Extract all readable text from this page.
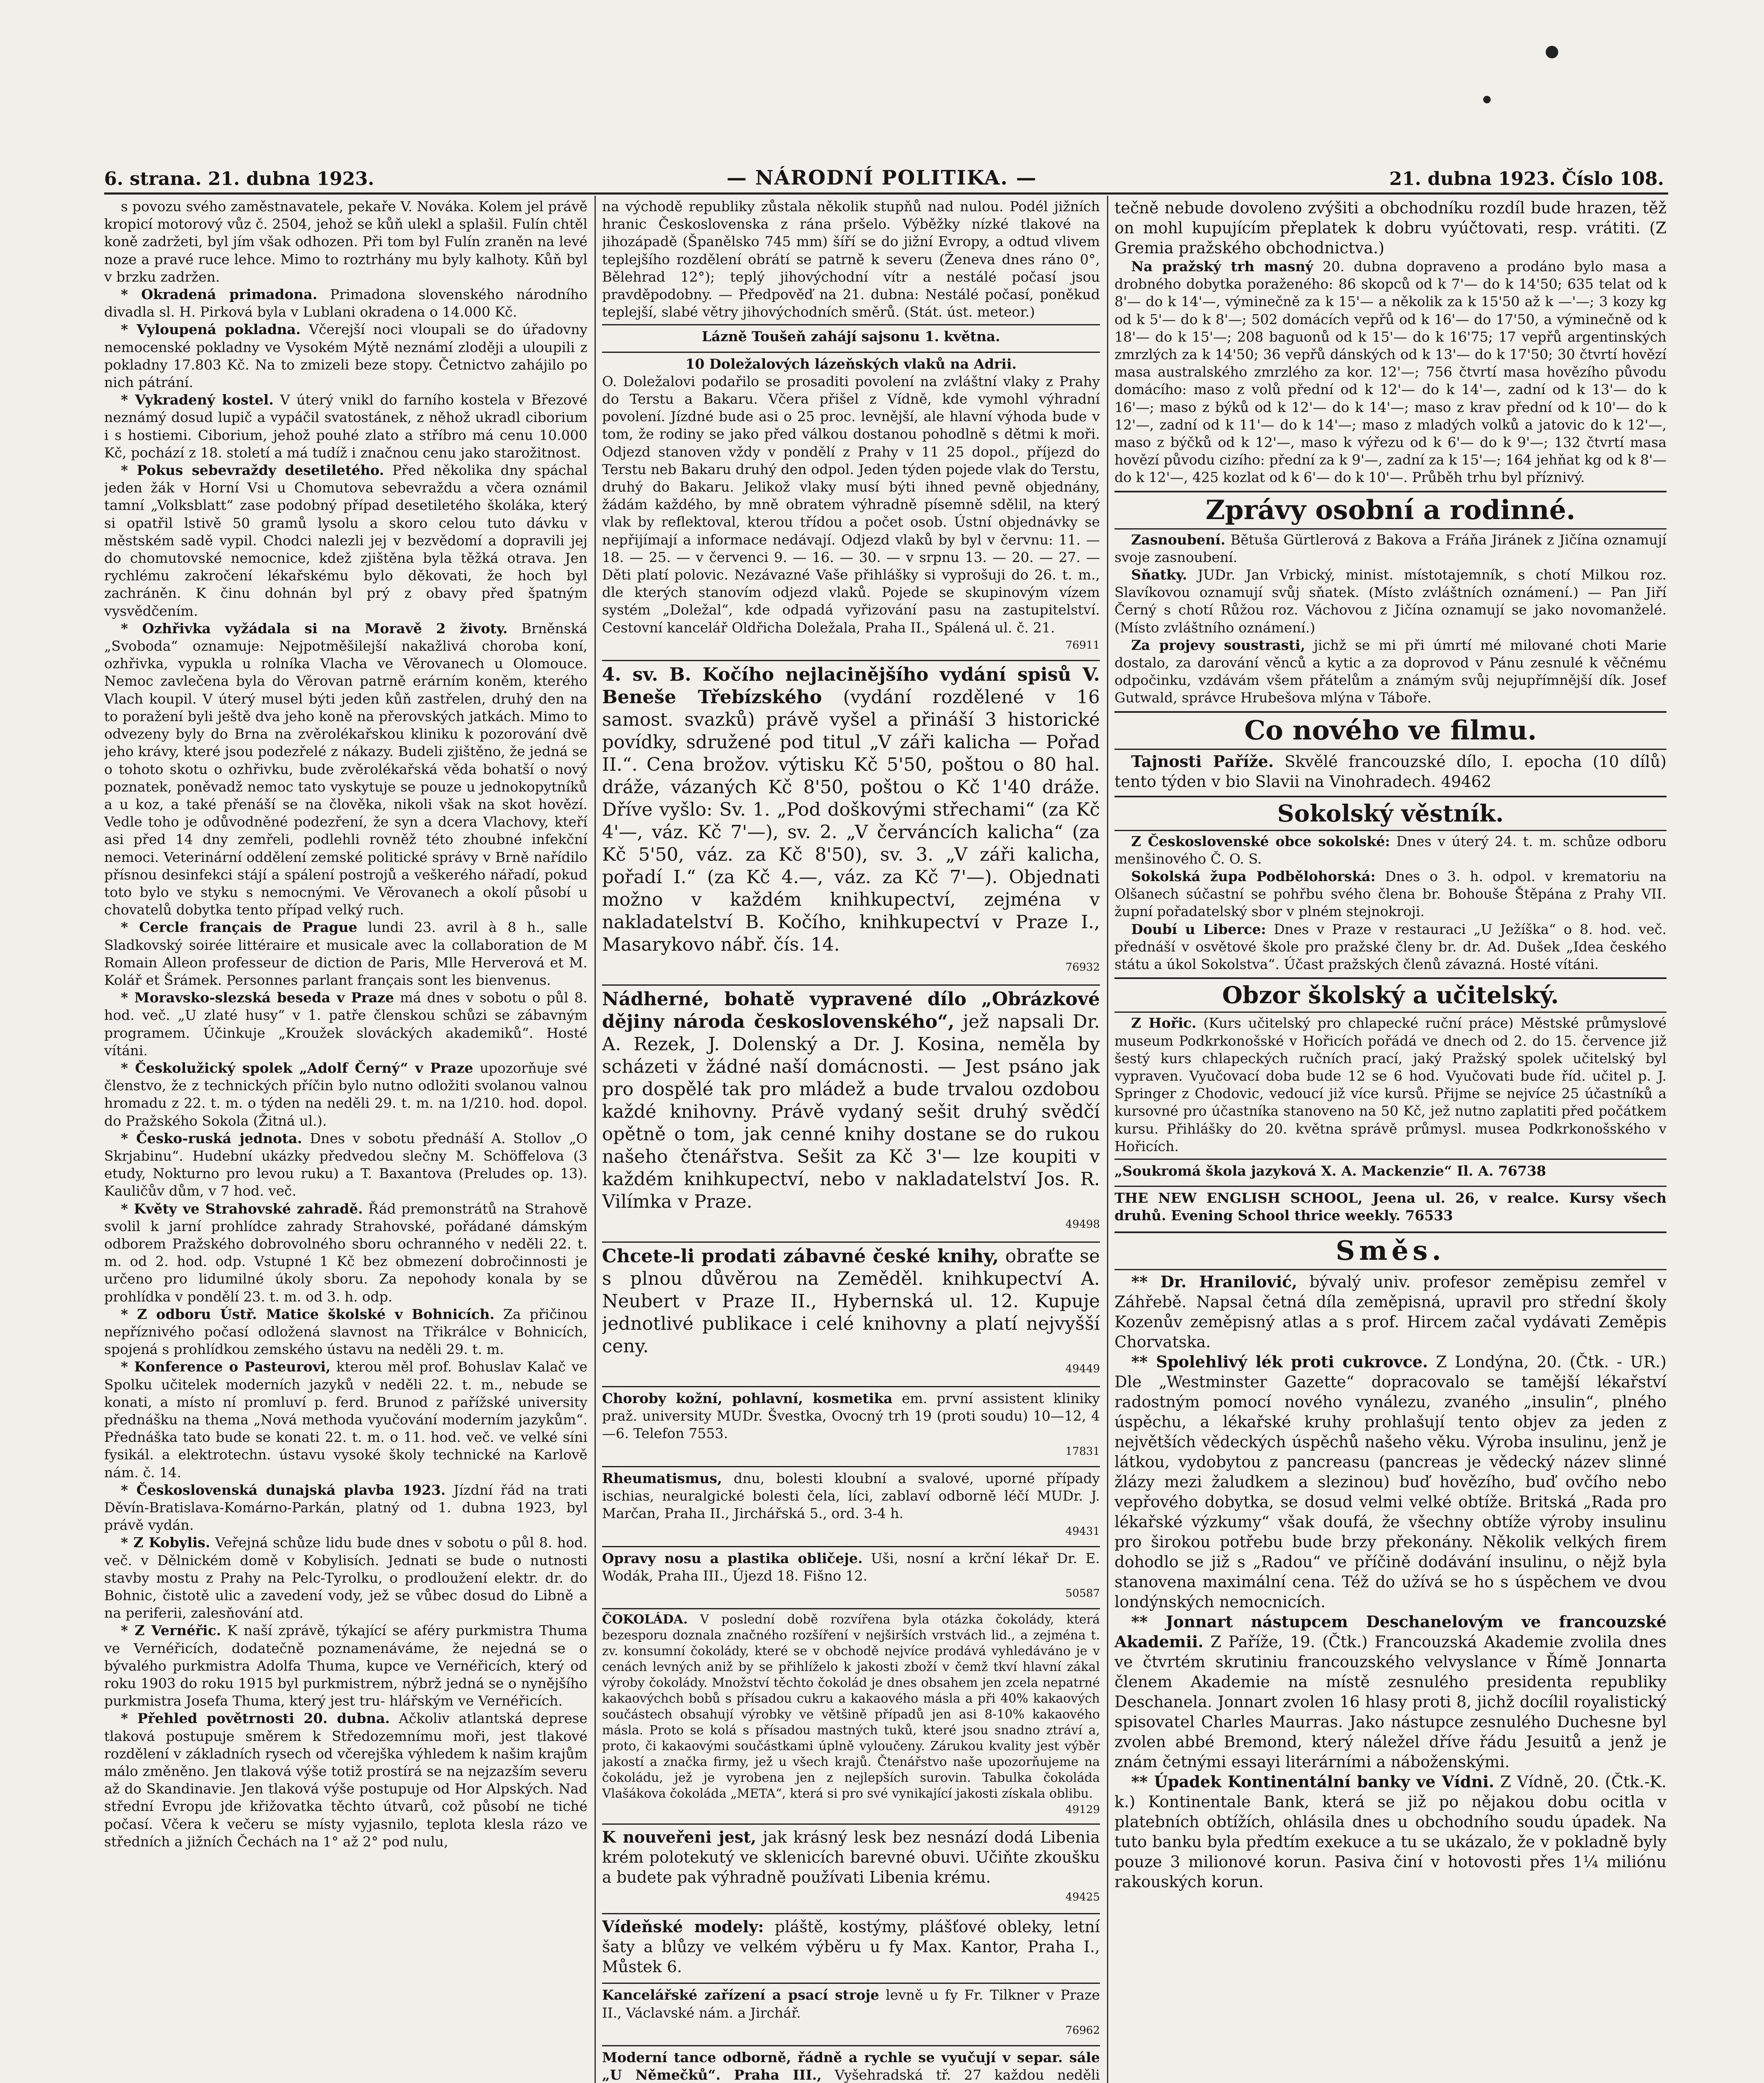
6. strana. 21. dubna 1923.	— NÁRODNÍ POLITIKA. —	21. dubna 1923. Číslo 108.

s povozu svého zaměstnavatele, pekaře V. Nováka. Kolem jel právě kropicí motorový vůz č. 2504, jehož se kůň ulekl a splašil. Fulín chtěl koně zadržeti, byl jím však odhozen. Při tom byl Fulín zraněn na levé noze a pravé ruce lehce. Mimo to roztrhány mu byly kalhoty. Kůň byl v brzku zadržen.

* Okradená primadona. Primadona slovenského národního divadla sl. H. Pirková byla v Lublani okradena o 14.000 Kč.

* Vyloupená pokladna. Včerejší noci vloupali se do úřadovny nemocenské pokladny ve Vysokém Mýtě neznámí zloději a uloupili z pokladny 17.803 Kč. Na to zmizeli beze stopy. Četnictvo zahájilo po nich pátrání.

* Vykradený kostel. V úterý vnikl do farního kostela v Březové neznámý dosud lupič a vypáčil svatostánek, z něhož ukradl ciborium i s hostiemi. Ciborium, jehož pouhé zlato a stříbro má cenu 10.000 Kč, pochází z 18. století a má tudíž i značnou cenu jako starožitnost.

* Pokus sebevraždy desetiletého. Před několika dny spáchal jeden žák v Horní Vsi u Chomutova sebevraždu a včera oznámil tamní „Volksblatt“ zase podobný případ desetiletého školáka, který si opatřil lstivě 50 gramů lysolu a skoro celou tuto dávku v městském sadě vypil. Chodci nalezli jej v bezvědomí a dopravili jej do chomutovské nemocnice, kdež zjištěna byla těžká otrava. Jen rychlému zakročení lékařskému bylo děkovati, že hoch byl zachráněn. K činu dohnán byl prý z obavy před špatným vysvědčením.

* Ozhřivka vyžádala si na Moravě 2 životy. Brněnská „Svoboda“ oznamuje: Nejpotměšilejší nakažlivá choroba koní, ozhřivka, vypukla u rolníka Vlacha ve Věrovanech u Olomouce. Nemoc zavlečena byla do Věrovan patrně erárním koněm, kterého Vlach koupil. V úterý musel býti jeden kůň zastřelen, druhý den na to poražení byli ještě dva jeho koně na přerovských jatkách. Mimo to odvezeny byly do Brna na zvěrolékařskou kliniku k pozorování dvě jeho krávy, které jsou podezřelé z nákazy. Budeli zjištěno, že jedná se o tohoto skotu o ozhřivku, bude zvěrolékařská věda bohatší o nový poznatek, poněvadž nemoc tato vyskytuje se pouze u jednokopytníků a u koz, a také přenáší se na člověka, nikoli však na skot hovězí. Vedle toho je odůvodněné podezření, že syn a dcera Vlachovy, kteří asi před 14 dny zemřeli, podlehli rovněž této zhoubné infekční nemoci. Veterinární oddělení zemské politické správy v Brně nařídilo přísnou desinfekci stájí a spálení postrojů a veškerého nářadí, pokud toto bylo ve styku s nemocnými. Ve Věrovanech a okolí působí u chovatelů dobytka tento případ velký ruch.

* Cercle français de Prague lundi 23. avril à 8 h., salle Sladkovský soirée littéraire et musicale avec la collaboration de M Romain Alleon professeur de diction de Paris, Mlle Herverová et M. Kolář et Šrámek. Personnes parlant français sont les bienvenus.

* Moravsko-slezská beseda v Praze má dnes v sobotu o půl 8. hod. več. „U zlaté husy“ v 1. patře členskou schůzi se zábavným programem. Účinkuje „Kroužek slováckých akademiků“. Hosté vítáni.

* Českolužický spolek „Adolf Černý“ v Praze upozorňuje své členstvo, že z technických příčin bylo nutno odložiti svolanou valnou hromadu z 22. t. m. o týden na neděli 29. t. m. na 1/210. hod. dopol. do Pražského Sokola (Žitná ul.).

* Česko-ruská jednota. Dnes v sobotu přednáší A. Stollov „O Skrjabinu“. Hudební ukázky předvedou slečny M. Schöffelova (3 etudy, Nokturno pro levou ruku) a T. Baxantova (Preludes op. 13). Kauličův dům, v 7 hod. več.

* Květy ve Strahovské zahradě. Řád premonstrátů na Strahově svolil k jarní prohlídce zahrady Strahovské, pořádané dámským odborem Pražského dobrovolného sboru ochranného v neděli 22. t. m. od 2. hod. odp. Vstupné 1 Kč bez obmezení dobročinnosti je určeno pro lidumilné úkoly sboru. Za nepohody konala by se prohlídka v pondělí 23. t. m. od 3. h. odp.

* Z odboru Ústř. Matice školské v Bohnicích. Za přičinou nepříznivého počasí odložená slavnost na Třikrálce v Bohnicích, spojená s prohlídkou zemského ústavu na neděli 29. t. m.

* Konference o Pasteurovi, kterou měl prof. Bohuslav Kalač ve Spolku učitelek moderních jazyků v neděli 22. t. m., nebude se konati, a místo ní promluví p. ferd. Brunod z pařížské university přednášku na thema „Nová methoda vyučování moderním jazykům“. Přednáška tato bude se konati 22. t. m. o 11. hod. več. ve velké síni fysikál. a elektrotechn. ústavu vysoké školy technické na Karlově nám. č. 14.

* Československá dunajská plavba 1923. Jízdní řád na trati Děvín-Bratislava-Komárno-Parkán, platný od 1. dubna 1923, byl právě vydán.

* Z Kobylis. Veřejná schůze lidu bude dnes v sobotu o půl 8. hod. več. v Dělnickém domě v Kobylisích. Jednati se bude o nutnosti stavby mostu z Prahy na Pelc-Tyrolku, o prodloužení elektr. dr. do Bohnic, čistotě ulic a zavedení vody, jež se vůbec dosud do Libně a na periferii, zalesňování atd.

* Z Vernéřic. K naší zprávě, týkající se aféry purkmistra Thuma ve Vernéřicích, dodatečně poznamenáváme, že nejedná se o bývalého purkmistra Adolfa Thuma, kupce ve Vernéřicích, který od roku 1903 do roku 1915 byl purkmistrem, nýbrž jedná se o nynějšího purkmistra Josefa Thuma, který jest tru- hlářským ve Vernéřicích.

* Přehled povětrnosti 20. dubna. Ačkoliv atlantská deprese tlaková postupuje směrem k Středozemnímu moři, jest tlakové rozdělení v základních rysech od včerejška výhledem k našim krajům málo změněno. Jen tlaková výše totiž prostírá se na nejzazším severu až do Skandinavie. Jen tlaková výše postupuje od Hor Alpských. Nad střední Evropu jde křižovatka těchto útvarů, což působí ne tiché počasí. Včera k večeru se místy vyjasnilo, teplota klesla rázo ve středních a jižních Čechách na 1° až 2° pod nulu,

na východě republiky zůstala několik stupňů nad nulou. Podél jižních hranic Československa z rána pršelo. Výběžky nízké tlakové na jihozápadě (Španělsko 745 mm) šíří se do jižní Evropy, a odtud vlivem teplejšího rozdělení obrátí se patrně k severu (Ženeva dnes ráno 0°, Bělehrad 12°); teplý jihovýchodní vítr a nestálé počasí jsou pravděpodobny. — Předpověď na 21. dubna: Nestálé počasí, poněkud teplejší, slabé větry jihovýchodních směrů. (Stát. úst. meteor.)

Lázně Toušeň zahájí sajsonu 1. května.
10 Doležalových lázeňských vlaků na Adrii.
O. Doležalovi podařilo se prosaditi povolení na zvláštní vlaky z Prahy do Terstu a Bakaru. Včera přišel z Vídně, kde vymohl výhradní povolení. Jízdné bude asi o 25 proc. levnější, ale hlavní výhoda bude v tom, že rodiny se jako před válkou dostanou pohodlně s dětmi k moři. Odjezd stanoven vždy v pondělí z Prahy v 11 25 dopol., příjezd do Terstu neb Bakaru druhý den odpol. Jeden týden pojede vlak do Terstu, druhý do Bakaru. Jelikož vlaky musí býti ihned pevně objednány, žádám každého, by mně obratem výhradně písemně sdělil, na který vlak by reflektoval, kterou třídou a počet osob. Ústní objednávky se nepřijímají a informace nedávají. Odjezd vlaků by byl v červnu: 11. — 18. — 25. — v červenci 9. — 16. — 30. — v srpnu 13. — 20. — 27. — Děti platí polovic. Nezávazné Vaše přihlášky si vyprošuji do 26. t. m., dle kterých stanovím odjezd vlaků. Pojede se skupinovým vízem systém „Doležal“, kde odpadá vyřizování pasu na zastupitelství. Cestovní kancelář Oldřicha Doležala, Praha II., Spálená ul. č. 21.
76911
4. sv. B. Kočího nejlacinějšího vydání spisů V. Beneše Třebízského (vydání rozdělené v 16 samost. svazků) právě vyšel a přináší 3 historické povídky, sdružené pod titul „V záři kalicha — Pořad II.“. Cena brožov. výtisku Kč 5'50, poštou o 80 hal. dráže, vázaných Kč 8'50, poštou o Kč 1'40 dráže. Dříve vyšlo: Sv. 1. „Pod doškovými střechami“ (za Kč 4'—, váz. Kč 7'—), sv. 2. „V červáncích kalicha“ (za Kč 5'50, váz. za Kč 8'50), sv. 3. „V záři kalicha, pořadí I.“ (za Kč 4.—, váz. za Kč 7'—). Objednati možno v každém knihkupectví, zejména v nakladatelství B. Kočího, knihkupectví v Praze I., Masarykovo nábř. čís. 14.
76932
Nádherné, bohatě vypravené dílo „Obrázkové dějiny národa československého“, jež napsali Dr. A. Rezek, J. Dolenský a Dr. J. Kosina, neměla by scházeti v žádné naší domácnosti. — Jest psáno jak pro dospělé tak pro mládež a bude trvalou ozdobou každé knihovny. Právě vydaný sešit druhý svědčí opětně o tom, jak cenné knihy dostane se do rukou našeho čtenářstva. Sešit za Kč 3'— lze koupiti v každém knihkupectví, nebo v nakladatelství Jos. R. Vilímka v Praze.
49498
Chcete-li prodati zábavné české knihy, obraťte se s plnou důvěrou na Zeměděl. knihkupectví A. Neubert v Praze II., Hybernská ul. 12. Kupuje jednotlivé publikace i celé knihovny a platí nejvyšší ceny.
49449
Choroby kožní, pohlavní, kosmetika em. první assistent kliniky praž. university MUDr. Švestka, Ovocný trh 19 (proti soudu) 10—12, 4—6. Telefon 7553.
17831
Rheumatismus, dnu, bolesti kloubní a svalové, uporné případy ischias, neuralgické bolesti čela, líci, zablaví odborně léčí MUDr. J. Marčan, Praha II., Jirchářská 5., ord. 3-4 h.
49431
Opravy nosu a plastika obličeje. Uši, nosní a krční lékař Dr. E. Wodák, Praha III., Újezd 18. Fišno 12.
50587
ČOKOLÁDA. V poslední době rozvířena byla otázka čokolády, která bezesporu doznala značného rozšíření v nejširších vrstvách lid., a zejména t. zv. konsumní čokolády, které se v obchodě nejvíce prodává vyhledáváno je v cenách levných aniž by se přihlíželo k jakosti zboží v čemž tkví hlavní zákal výroby čokolády. Množství těchto čokolád je dnes obsahem jen zcela nepatrné kakaovýchch bobů s přísadou cukru a kakaového másla a při 40% kakaových součástech obsahují výrobky ve většině případů jen asi 8-10% kakaového másla. Proto se kolá s přísadou mastných tuků, které jsou snadno ztráví a, proto, či kakaovými součástkami úplně vyloučeny. Zárukou kvality jest výběr jakostí a značka firmy, jež u všech krajů. Čtenářstvo naše upozorňujeme na čokoládu, jež je vyrobena jen z nejlepších surovin. Tabulka čokoláda Vlašákova čokoláda „META“, která si pro své vynikající jakosti získala oblibu.
49129
K nouveřeni jest, jak krásný lesk bez nesnází dodá Libenia krém polotekutý ve sklenicích barevné obuvi. Učiňte zkoušku a budete pak výhradně používati Libenia krému.
49425
Vídeňské modely: pláště, kostýmy, plášťové obleky, letní šaty a blůzy ve velkém výběru u fy Max. Kantor, Praha I., Můstek 6.
Kancelářské zařízení a psací stroje levně u fy Fr. Tilkner v Praze II., Václavské nám. a Jirchář.
76962
Moderní tance odborně, řádně a rychle se vyučují v separ. sále „U Němečků“. Praha III., Vyšehradská tř. 27 každou neděli

tečně nebude dovoleno zvýšiti a obchodníku rozdíl bude hrazen, těž on mohl kupujícím přeplatek k dobru vyúčtovati, resp. vrátiti. (Z Gremia pražského obchodnictva.)

Na pražský trh masný 20. dubna dopraveno a prodáno bylo masa a drobného dobytka poraženého: 86 skopců od k 7'— do k 14'50; 635 telat od k 8'— do k 14'—, výminečně za k 15'— a několik za k 15'50 až k —'—; 3 kozy kg od k 5'— do k 8'—; 502 domácích vepřů od k 16'— do 17'50, a výminečně od k 18'— do k 15'—; 208 baguonů od k 15'— do k 16'75; 17 vepřů argentinských zmrzlých za k 14'50; 36 vepřů dánských od k 13'— do k 17'50; 30 čtvrtí hovězí masa australského zmrzlého za kor. 12'—; 756 čtvrtí masa hovězího původu domácího: maso z volů přední od k 12'— do k 14'—, zadní od k 13'— do k 16'—; maso z býků od k 12'— do k 14'—; maso z krav přední od k 10'— do k 12'—, zadní od k 11'— do k 14'—; maso z mladých volků a jatovic do k 12'—, maso z býčků od k 12'—, maso k výřezu od k 6'— do k 9'—; 132 čtvrtí masa hovězí původu cizího: přední za k 9'—, zadní za k 15'—; 164 jehňat kg od k 8'— do k 12'—, 425 kozlat od k 6'— do k 10'—. Průběh trhu byl příznivý.

Zprávy osobní a rodinné.

Zasnoubení. Bětuša Gürtlerová z Bakova a Fráňa Jiránek z Jičína oznamují svoje zasnoubení.

Sňatky. JUDr. Jan Vrbický, minist. místotajemník, s chotí Milkou roz. Slavíkovou oznamují svůj sňatek. (Místo zvláštních oznámení.) — Pan Jiří Černý s chotí Růžou roz. Váchovou z Jičína oznamují se jako novomanželé. (Místo zvláštního oznámení.)

Za projevy soustrasti, jichž se mi při úmrtí mé milované choti Marie dostalo, za darování věnců a kytic a za doprovod v Pánu zesnulé k věčnému odpočinku, vzdávám všem přátelům a známým svůj nejupřímnější dík. Josef Gutwald, správce Hrubešova mlýna v Táboře.

Co nového ve filmu.

Tajnosti Paříže. Skvělé francouzské dílo, I. epocha (10 dílů) tento týden v bio Slavii na Vinohradech. 49462

Sokolský věstník.

Z Československé obce sokolské: Dnes v úterý 24. t. m. schůze odboru menšinového Č. O. S.

Sokolská župa Podbělohorská: Dnes o 3. h. odpol. v krematoriu na Olšanech súčastní se pohřbu svého člena br. Bohouše Štěpána z Prahy VII. župní pořadatelský sbor v plném stejnokroji.

Doubí u Liberce: Dnes v Praze v restauraci „U Ježíška“ o 8. hod. več. přednáší v osvětové škole pro pražské členy br. dr. Ad. Dušek „Idea českého státu a úkol Sokolstva“. Účast pražských členů závazná. Hosté vítáni.

Obzor školský a učitelský.

Z Hořic. (Kurs učitelský pro chlapecké ruční práce) Městské průmyslové museum Podkrkonošské v Hořicích pořádá ve dnech od 2. do 15. července již šestý kurs chlapeckých ručních prací, jaký Pražský spolek učitelský byl vypraven. Vyučovací doba bude 12 se 6 hod. Vyučovati bude říd. učitel p. J. Springer z Chodovic, vedoucí již více kursů. Přijme se nejvíce 25 účastníků a kursovné pro účastníka stanoveno na 50 Kč, jež nutno zaplatiti před počátkem kursu. Přihlášky do 20. května správě průmysl. musea Podkrkonošského v Hořicích.

„Soukromá škola jazyková X. A. Mackenzie“ Il. A. 76738
THE NEW ENGLISH SCHOOL, Jeena ul. 26, v realce. Kursy všech druhů. Evening School thrice weekly. 76533
Směs.

** Dr. Hranilović, bývalý univ. profesor zeměpisu zemřel v Záhřebě. Napsal četná díla zeměpisná, upravil pro střední školy Kozenův zeměpisný atlas a s prof. Hircem začal vydávati Zeměpis Chorvatska.

** Spolehlivý lék proti cukrovce. Z Londýna, 20. (Čtk. - UR.) Dle „Westminster Gazette“ dopracovalo se tamější lékařství radostným pomocí nového vynálezu, zvaného „insulin“, plného úspěchu, a lékařské kruhy prohlašují tento objev za jeden z největších vědeckých úspěchů našeho věku. Výroba insulinu, jenž je látkou, vydobytou z pancreasu (pancreas je vědecký název slinné žlázy mezi žaludkem a slezinou) buď hovězího, buď ovčího nebo vepřového dobytka, se dosud velmi velké obtíže. Britská „Rada pro lékařské výzkumy“ však doufá, že všechny obtíže výroby insulinu pro širokou potřebu bude brzy překonány. Několik velkých firem dohodlo se již s „Radou“ ve příčině dodávání insulinu, o nějž byla stanovena maximální cena. Též do užívá se ho s úspěchem ve dvou londýnských nemocnicích.

** Jonnart nástupcem Deschanelovým ve francouzské Akademii. Z Paříže, 19. (Čtk.) Francouzská Akademie zvolila dnes ve čtvrtém skrutiniu francouzského velvyslance v Římě Jonnarta členem Akademie na místě zesnulého presidenta republiky Deschanela. Jonnart zvolen 16 hlasy proti 8, jichž docílil royalistický spisovatel Charles Maurras. Jako nástupce zesnulého Duchesne byl zvolen abbé Bremond, který náležel dříve řádu Jesuitů a jenž je znám četnými essayi literárními a náboženskými.

** Úpadek Kontinentální banky ve Vídni. Z Vídně, 20. (Čtk.-K. k.) Kontinentale Bank, která se již po nějakou dobu ocitla v platebních obtížích, ohlásila dnes u obchodního soudu úpadek. Na tuto banku byla předtím exekuce a tu se ukázalo, že v pokladně byly pouze 3 milionové korun. Pasiva činí v hotovosti přes 1¼ miliónu rakouských korun.
